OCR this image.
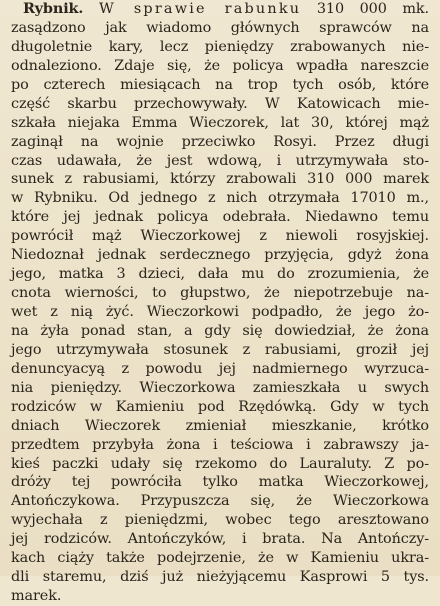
Rybnik. W sprawie rabunku 310 000 mk.
zasądzono jak wiadomo głównych sprawców na
długoletnie kary, lecz pieniędzy zrabowanych nie-
odnaleziono. Zdaje się, że policya wpadła nareszcie
po czterech miesiącach na trop tych osób, które
część skarbu przechowywały. W Katowicach mie-
szkała niejaka Emma Wieczorek, lat 30, której mąż
zaginął na wojnie przeciwko Rosyi. Przez długi
czas udawała, że jest wdową, i utrzymywała sto-
sunek z rabusiami, którzy zrabowali 310 000 marek
w Rybniku. Od jednego z nich otrzymała 17010 m.,
które jej jednak policya odebrała. Niedawno temu
powrócił mąż Wieczorkowej z niewoli rosyjskiej.
Niedoznał jednak serdecznego przyjęcia, gdyż żona
jego, matka 3 dzieci, dała mu do zrozumienia, że
cnota wierności, to głupstwo, że niepotrzebuje na-
wet z nią żyć. Wieczorkowi podpadło, że jego żo-
na żyła ponad stan, a gdy się dowiedział, że żona
jego utrzymywała stosunek z rabusiami, groził jej
denuncyacyą z powodu jej nadmiernego wyrzuca-
nia pieniędzy. Wieczorkowa zamieszkała u swych
rodziców w Kamieniu pod Rzędówką. Gdy w tych
dniach Wieczorek zmieniał mieszkanie, krótko
przedtem przybyła żona i teściowa i zabrawszy ja-
kieś paczki udały się rzekomo do Lauraluty. Z po-
dróży tej powróciła tylko matka Wieczorkowej,
Antończykowa. Przypuszcza się, że Wieczorkowa
wyjechała z pieniędzmi, wobec tego aresztowano
jej rodziców. Antończyków, i brata. Na Antończy-
kach ciąży także podejrzenie, że w Kamieniu ukra-
dli staremu, dziś już nieżyjącemu Kasprowi 5 tys.
marek.
